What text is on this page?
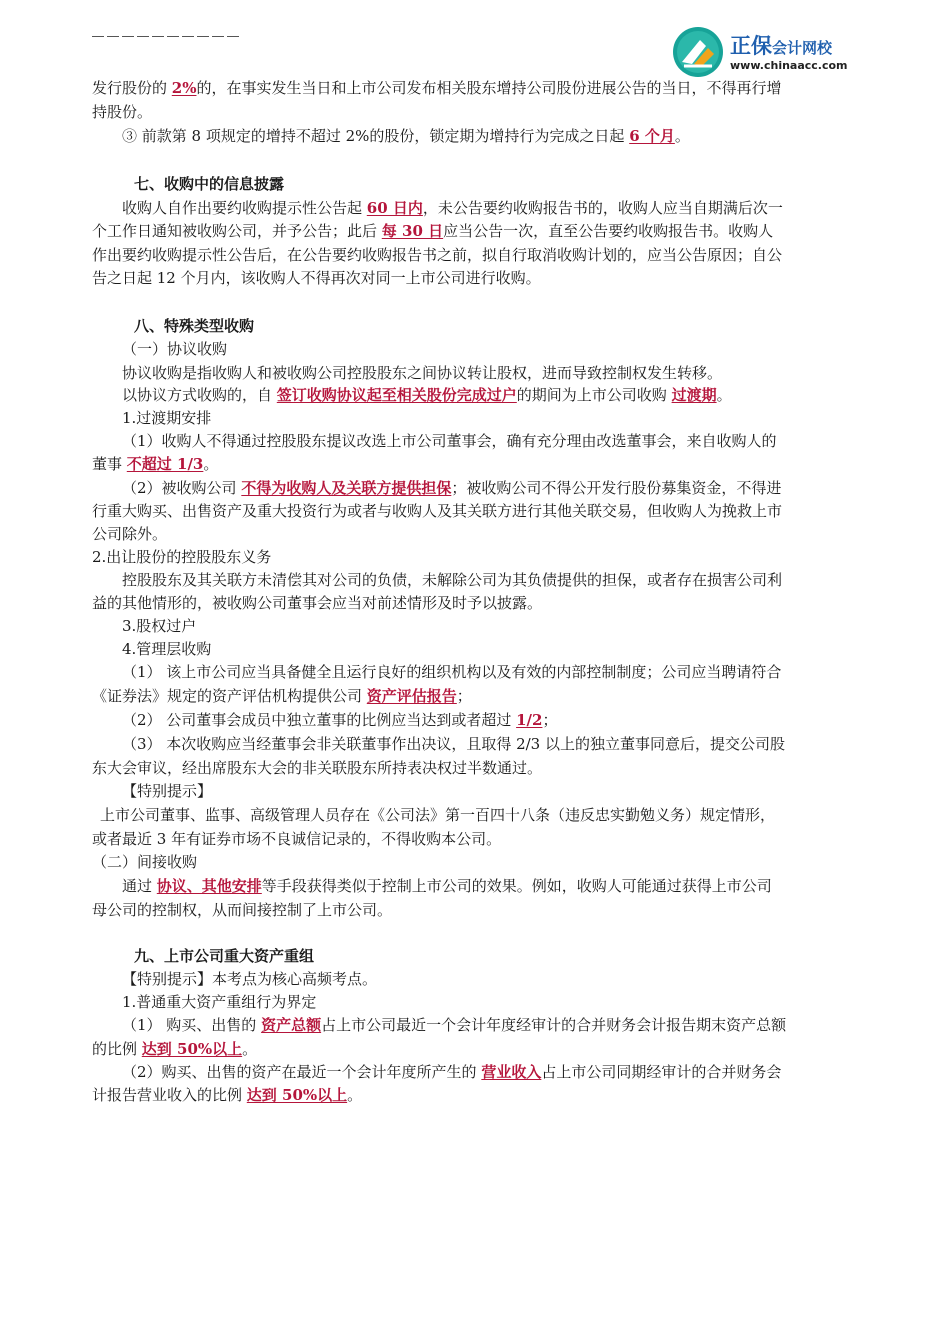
正保会计网校
www.chinaacc.com
发行股份的 2%的，在事实发生当日和上市公司发布相关股东增持公司股份进展公告的当日，不得再行增
持股份。
③ 前款第 8 项规定的增持不超过 2%的股份，锁定期为增持行为完成之日起 6 个月。
七、收购中的信息披露
收购人自作出要约收购提示性公告起 60 日内，未公告要约收购报告书的，收购人应当自期满后次一
个工作日通知被收购公司，并予公告；此后 每 30 日应当公告一次，直至公告要约收购报告书。收购人
作出要约收购提示性公告后，在公告要约收购报告书之前，拟自行取消收购计划的，应当公告原因；自公
告之日起 12 个月内，该收购人不得再次对同一上市公司进行收购。
八、特殊类型收购
（一）协议收购
协议收购是指收购人和被收购公司控股股东之间协议转让股权，进而导致控制权发生转移。
以协议方式收购的，自 签订收购协议起至相关股份完成过户的期间为上市公司收购 过渡期。
1.过渡期安排
（1）收购人不得通过控股股东提议改选上市公司董事会，确有充分理由改选董事会，来自收购人的
董事 不超过 1/3。
（2）被收购公司 不得为收购人及关联方提供担保；被收购公司不得公开发行股份募集资金，不得进
行重大购买、出售资产及重大投资行为或者与收购人及其关联方进行其他关联交易，但收购人为挽救上市
公司除外。
2.出让股份的控股股东义务
控股股东及其关联方未清偿其对公司的负债，未解除公司为其负债提供的担保，或者存在损害公司利
益的其他情形的，被收购公司董事会应当对前述情形及时予以披露。
3.股权过户
4.管理层收购
（1） 该上市公司应当具备健全且运行良好的组织机构以及有效的内部控制制度；公司应当聘请符合
《证券法》规定的资产评估机构提供公司 资产评估报告；
（2） 公司董事会成员中独立董事的比例应当达到或者超过 1/2；
（3） 本次收购应当经董事会非关联董事作出决议，且取得 2/3 以上的独立董事同意后，提交公司股
东大会审议，经出席股东大会的非关联股东所持表决权过半数通过。
【特别提示】
上市公司董事、监事、高级管理人员存在《公司法》第一百四十八条（违反忠实勤勉义务）规定情形，
或者最近 3 年有证券市场不良诚信记录的，不得收购本公司。
（二）间接收购
通过 协议、其他安排等手段获得类似于控制上市公司的效果。例如，收购人可能通过获得上市公司
母公司的控制权，从而间接控制了上市公司。
九、上市公司重大资产重组
【特别提示】本考点为核心高频考点。
1.普通重大资产重组行为界定
（1） 购买、出售的 资产总额占上市公司最近一个会计年度经审计的合并财务会计报告期末资产总额
的比例 达到 50%以上。
（2）购买、出售的资产在最近一个会计年度所产生的 营业收入占上市公司同期经审计的合并财务会
计报告营业收入的比例 达到 50%以上。
